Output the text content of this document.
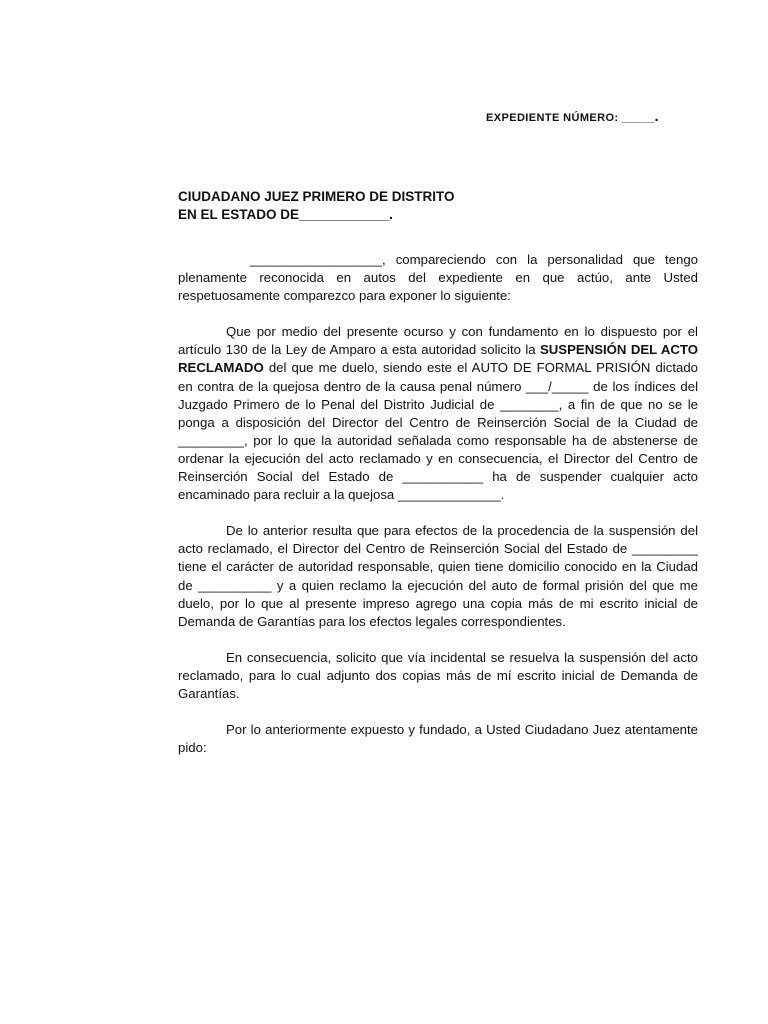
EXPEDIENTE NÚMERO: _____.
CIUDADANO JUEZ PRIMERO DE DISTRITO
EN EL ESTADO DE____________.

__________________, compareciendo con la personalidad que tengo plenamente reconocida en autos del expediente en que actúo, ante Usted respetuosamente comparezco para exponer lo siguiente:

Que por medio del presente ocurso y con fundamento en lo dispuesto por el artículo 130 de la Ley de Amparo a esta autoridad solicito la SUSPENSIÓN DEL ACTO RECLAMADO del que me duelo, siendo este el AUTO DE FORMAL PRISIÓN dictado en contra de la quejosa dentro de la causa penal número ___/_____ de los índices del Juzgado Primero de lo Penal del Distrito Judicial de ________, a fin de que no se le ponga a disposición del Director del Centro de Reinserción Social de la Ciudad de _________, por lo que la autoridad señalada como responsable ha de abstenerse de ordenar la ejecución del acto reclamado y en consecuencia, el Director del Centro de Reinserción Social del Estado de ___________ ha de suspender cualquier acto encaminado para recluir a la quejosa ______________.

De lo anterior resulta que para efectos de la procedencia de la suspensión del acto reclamado, el Director del Centro de Reinserción Social del Estado de _________ tiene el carácter de autoridad responsable, quien tiene domicilio conocido en la Ciudad de __________ y a quien reclamo la ejecución del auto de formal prisión del que me duelo, por lo que al presente impreso agrego una copia más de mi escrito inicial de Demanda de Garantías para los efectos legales correspondientes.

En consecuencia, solicito que vía incidental se resuelva la suspensión del acto reclamado, para lo cual adjunto dos copias más de mí escrito inicial de Demanda de Garantías.

Por lo anteriormente expuesto y fundado, a Usted Ciudadano Juez atentamente pido:
